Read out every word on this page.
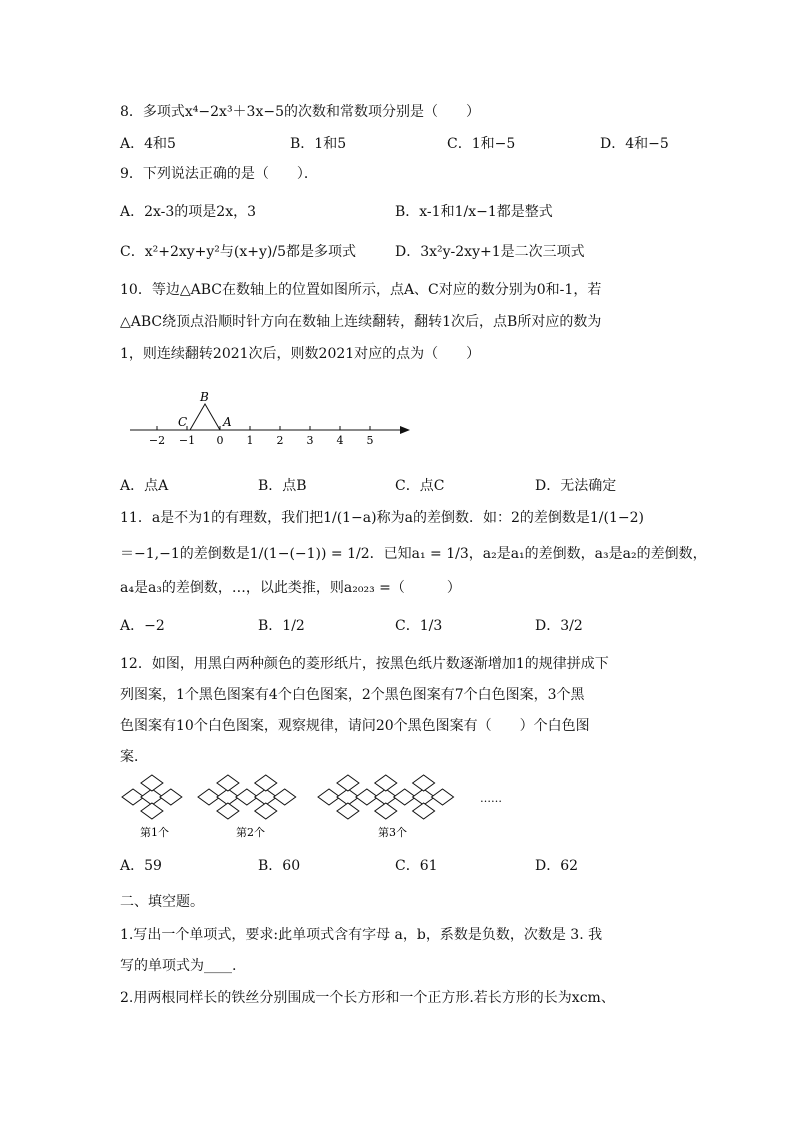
8．多项式x⁴−2x³＋3x−5的次数和常数项分别是（　　）
A．4和5	B．1和5	C．1和−5	D．4和−5
9．下列说法正确的是（　　）．
A．2x-3的项是2x，3	B．x-1和1/x−1都是整式
C．x²+2xy+y²与(x+y)/5都是多项式	D．3x²y-2xy+1是二次三项式
10．等边△ABC在数轴上的位置如图所示，点A、C对应的数分别为0和-1，若
△ABC绕顶点沿顺时针方向在数轴上连续翻转，翻转1次后，点B所对应的数为
1，则连续翻转2021次后，则数2021对应的点为（　　）
−2 −1 0 1 2 3 4 5
A
B
C
A．点A	B．点B	C．点C	D．无法确定
11．a是不为1的有理数，我们把1/(1−a)称为a的差倒数．如：2的差倒数是1/(1−2)
＝−1,−1的差倒数是1/(1−(−1)) = 1/2．已知a₁ = 1/3，a₂是a₁的差倒数，a₃是a₂的差倒数，
a₄是a₃的差倒数，…，以此类推，则a₂₀₂₃ =（　　　）
A．−2	B．1/2	C．1/3	D．3/2
12．如图，用黑白两种颜色的菱形纸片，按黑色纸片数逐渐增加1的规律拼成下
列图案，1个黑色图案有4个白色图案，2个黑色图案有7个白色图案，3个黑
色图案有10个白色图案，观察规律，请问20个黑色图案有（　　）个白色图
案．
第1个	第2个	第3个
……
A．59	B．60	C．61	D．62
二、填空题。
1.写出一个单项式，要求:此单项式含有字母 a，b，系数是负数，次数是 3. 我
写的单项式为____.
2.用两根同样长的铁丝分别围成一个长方形和一个正方形.若长方形的长为xcm、
